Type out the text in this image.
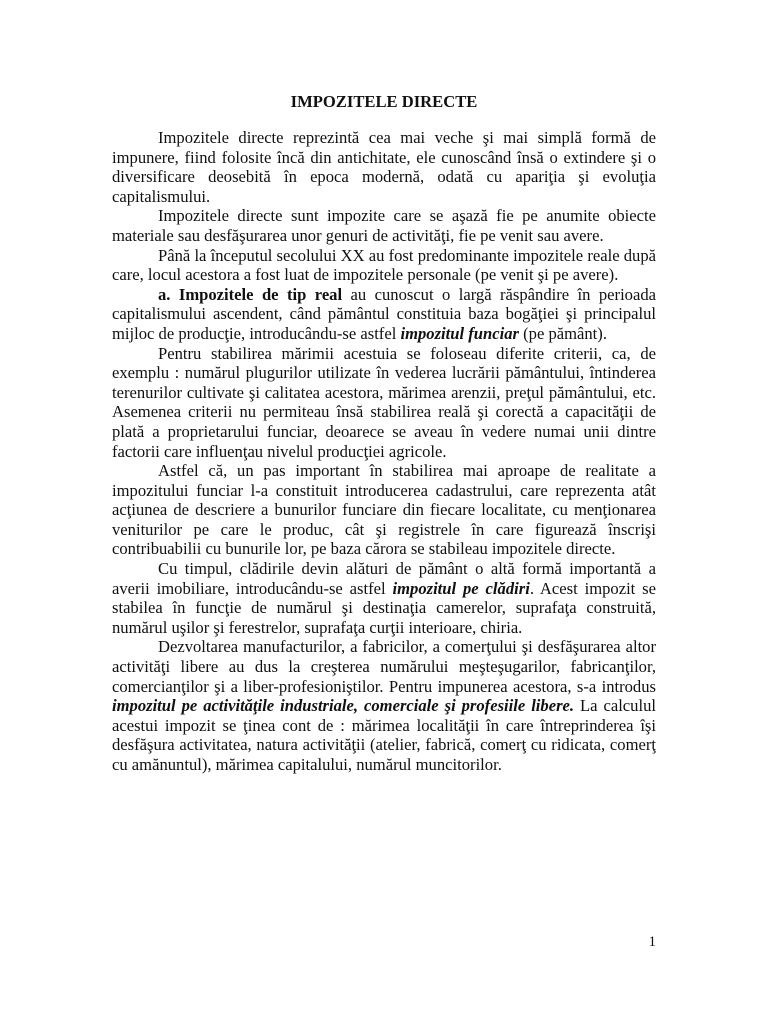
IMPOZITELE DIRECTE

Impozitele directe reprezintă cea mai veche şi mai simplă formă de impunere, fiind folosite încă din antichitate, ele cunoscând însă o extindere şi o diversificare deosebită în epoca modernă, odată cu apariţia şi evoluţia capitalismului.

Impozitele directe sunt impozite care se aşază fie pe anumite obiecte materiale sau desfăşurarea unor genuri de activităţi, fie pe venit sau avere.

Până la începutul secolului XX au fost predominante impozitele reale după care, locul acestora a fost luat de impozitele personale (pe venit şi pe avere).

a. Impozitele de tip real au cunoscut o largă răspândire în perioada capitalismului ascendent, când pământul constituia baza bogăţiei şi principalul mijloc de producţie, introducându-se astfel impozitul funciar (pe pământ).

Pentru stabilirea mărimii acestuia se foloseau diferite criterii, ca, de exemplu : numărul plugurilor utilizate în vederea lucrării pământului, întinderea terenurilor cultivate şi calitatea acestora, mărimea arenzii, preţul pământului, etc. Asemenea criterii nu permiteau însă stabilirea reală şi corectă a capacităţii de plată a proprietarului funciar, deoarece se aveau în vedere numai unii dintre factorii care influenţau nivelul producţiei agricole.

Astfel că, un pas important în stabilirea mai aproape de realitate a impozitului funciar l-a constituit introducerea cadastrului, care reprezenta atât acţiunea de descriere a bunurilor funciare din fiecare localitate, cu menţionarea veniturilor pe care le produc, cât şi registrele în care figurează înscrişi contribuabilii cu bunurile lor, pe baza cărora se stabileau impozitele directe.

Cu timpul, clădirile devin alături de pământ o altă formă importantă a averii imobiliare, introducându-se astfel impozitul pe clădiri. Acest impozit se stabilea în funcţie de numărul şi destinaţia camerelor, suprafaţa construită, numărul uşilor şi ferestrelor, suprafaţa curţii interioare, chiria.

Dezvoltarea manufacturilor, a fabricilor, a comerţului şi desfăşurarea altor activităţi libere au dus la creşterea numărului meşteşugarilor, fabricanţilor, comercianţilor şi a liber-profesioniştilor. Pentru impunerea acestora, s-a introdus impozitul pe activităţile industriale, comerciale şi profesiile libere. La calculul acestui impozit se ţinea cont de : mărimea localităţii în care întreprinderea îşi desfăşura activitatea, natura activităţii (atelier, fabrică, comerţ cu ridicata, comerţ cu amănuntul), mărimea capitalului, numărul muncitorilor.

1
